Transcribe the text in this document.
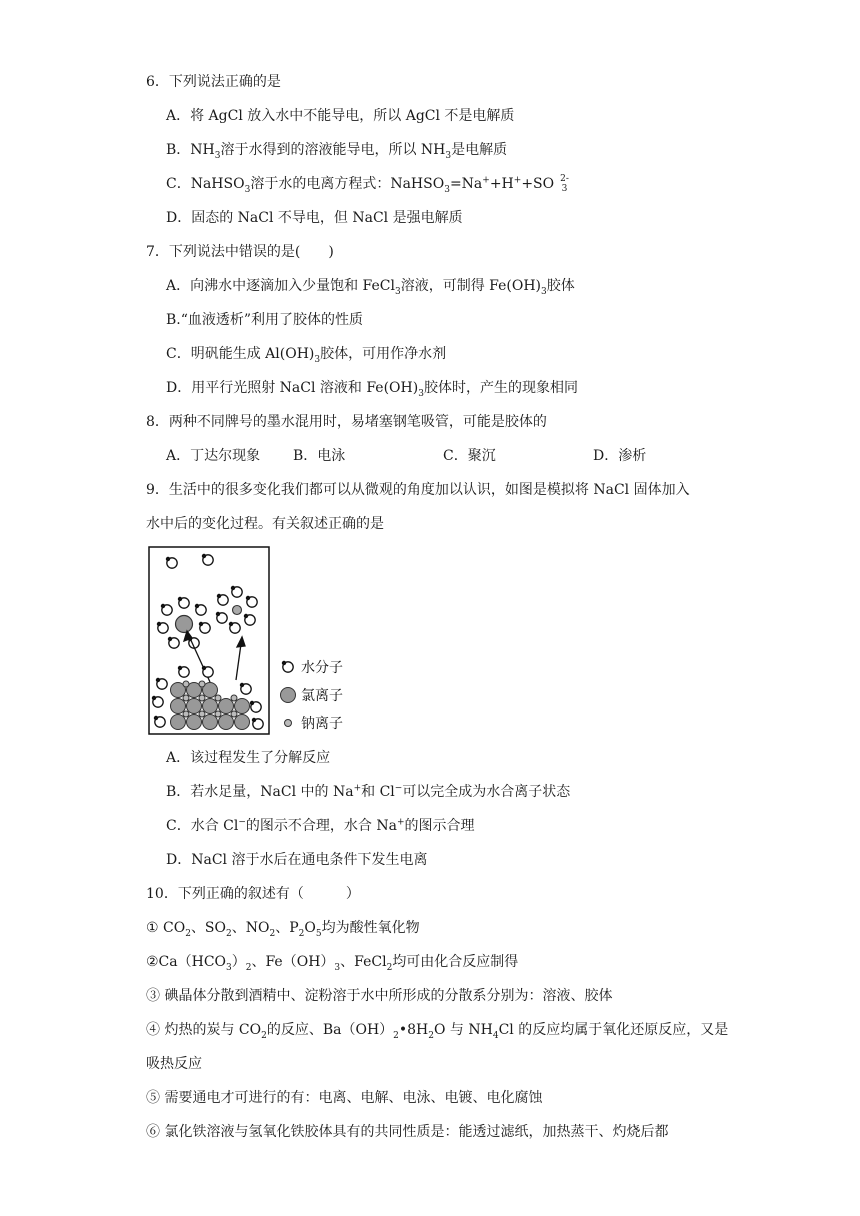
6．下列说法正确的是
A．将 AgCl 放入水中不能导电，所以 AgCl 不是电解质
B．$NH_3$溶于水得到的溶液能导电，所以 $NH_3$是电解质
C．NaHSO$_3$溶于水的电离方程式：NaHSO$_3$=Na++H++SO 2-
3
D．固态的 NaCl 不导电，但 NaCl 是强电解质
7．下列说法中错误的是(　　)
A．向沸水中逐滴加入少量饱和 FeCl$_3$溶液，可制得 $Fe(OH)_3$胶体
B.“血液透析”利用了胶体的性质
C．明矾能生成 $Al(OH)_3$胶体，可用作净水剂
D．用平行光照射 NaCl 溶液和 $Fe(OH)_3$胶体时，产生的现象相同
8．两种不同牌号的墨水混用时，易堵塞钢笔吸管，可能是胶体的
A．丁达尔现象 B．电泳	C．聚沉	D．渗析
9．生活中的很多变化我们都可以从微观的角度加以认识，如图是模拟将 NaCl 固体加入
水中后的变化过程。有关叙述正确的是
水分子
氯离子
钠离子
A．该过程发生了分解反应
B．若水足量，NaCl 中的 Na+和 Cl−可以完全成为水合离子状态
C．水合 Cl−的图示不合理，水合 Na+的图示合理
D．NaCl 溶于水后在通电条件下发生电离
10．下列正确的叙述有（　　　）
① $CO_2$、$SO_2$、$NO_2$、$P_2O_5$均为酸性氧化物
$②Ca(HCO_3)_2$、$Fe(OH)_3$、FeCl$_2$均可由化合反应制得
③ 碘晶体分散到酒精中、淀粉溶于水中所形成的分散系分别为：溶液、胶体
④ 灼热的炭与 $CO_2$的反应、$Ba(OH)_2•8H_2O$ 与 $NH_4Cl$ 的反应均属于氧化还原反应，又是
吸热反应
⑤ 需要通电才可进行的有：电离、电解、电泳、电镀、电化腐蚀
⑥ 氯化铁溶液与氢氧化铁胶体具有的共同性质是：能透过滤纸，加热蒸干、灼烧后都
